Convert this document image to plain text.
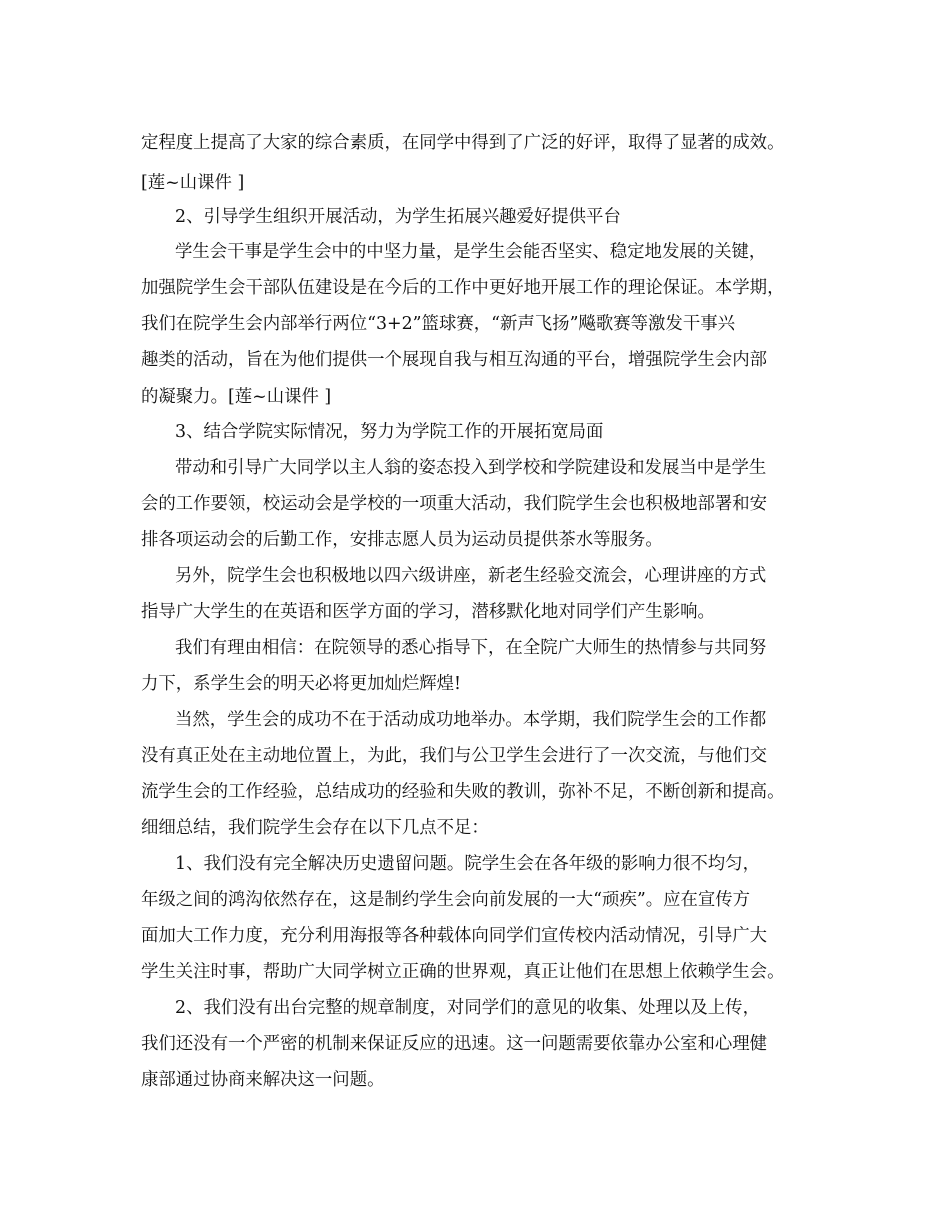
定程度上提高了大家的综合素质，在同学中得到了广泛的好评，取得了显著的成效。

[莲~山课件 ]

2、引导学生组织开展活动，为学生拓展兴趣爱好提供平台

学生会干事是学生会中的中坚力量，是学生会能否坚实、稳定地发展的关键，

加强院学生会干部队伍建设是在今后的工作中更好地开展工作的理论保证。本学期，

我们在院学生会内部举行两位“3+2”篮球赛，“新声飞扬”飚歌赛等激发干事兴

趣类的活动，旨在为他们提供一个展现自我与相互沟通的平台，增强院学生会内部

的凝聚力。[莲~山课件 ]

3、结合学院实际情况，努力为学院工作的开展拓宽局面

带动和引导广大同学以主人翁的姿态投入到学校和学院建设和发展当中是学生

会的工作要领，校运动会是学校的一项重大活动，我们院学生会也积极地部署和安

排各项运动会的后勤工作，安排志愿人员为运动员提供茶水等服务。

另外，院学生会也积极地以四六级讲座，新老生经验交流会，心理讲座的方式

指导广大学生的在英语和医学方面的学习，潜移默化地对同学们产生影响。

我们有理由相信：在院领导的悉心指导下，在全院广大师生的热情参与共同努

力下，系学生会的明天必将更加灿烂辉煌!

当然，学生会的成功不在于活动成功地举办。本学期，我们院学生会的工作都

没有真正处在主动地位置上，为此，我们与公卫学生会进行了一次交流，与他们交

流学生会的工作经验，总结成功的经验和失败的教训，弥补不足，不断创新和提高。

细细总结，我们院学生会存在以下几点不足：

1、我们没有完全解决历史遗留问题。院学生会在各年级的影响力很不均匀，

年级之间的鸿沟依然存在，这是制约学生会向前发展的一大“顽疾”。应在宣传方

面加大工作力度，充分利用海报等各种载体向同学们宣传校内活动情况，引导广大

学生关注时事，帮助广大同学树立正确的世界观，真正让他们在思想上依赖学生会。

2、我们没有出台完整的规章制度，对同学们的意见的收集、处理以及上传，

我们还没有一个严密的机制来保证反应的迅速。这一问题需要依靠办公室和心理健

康部通过协商来解决这一问题。
